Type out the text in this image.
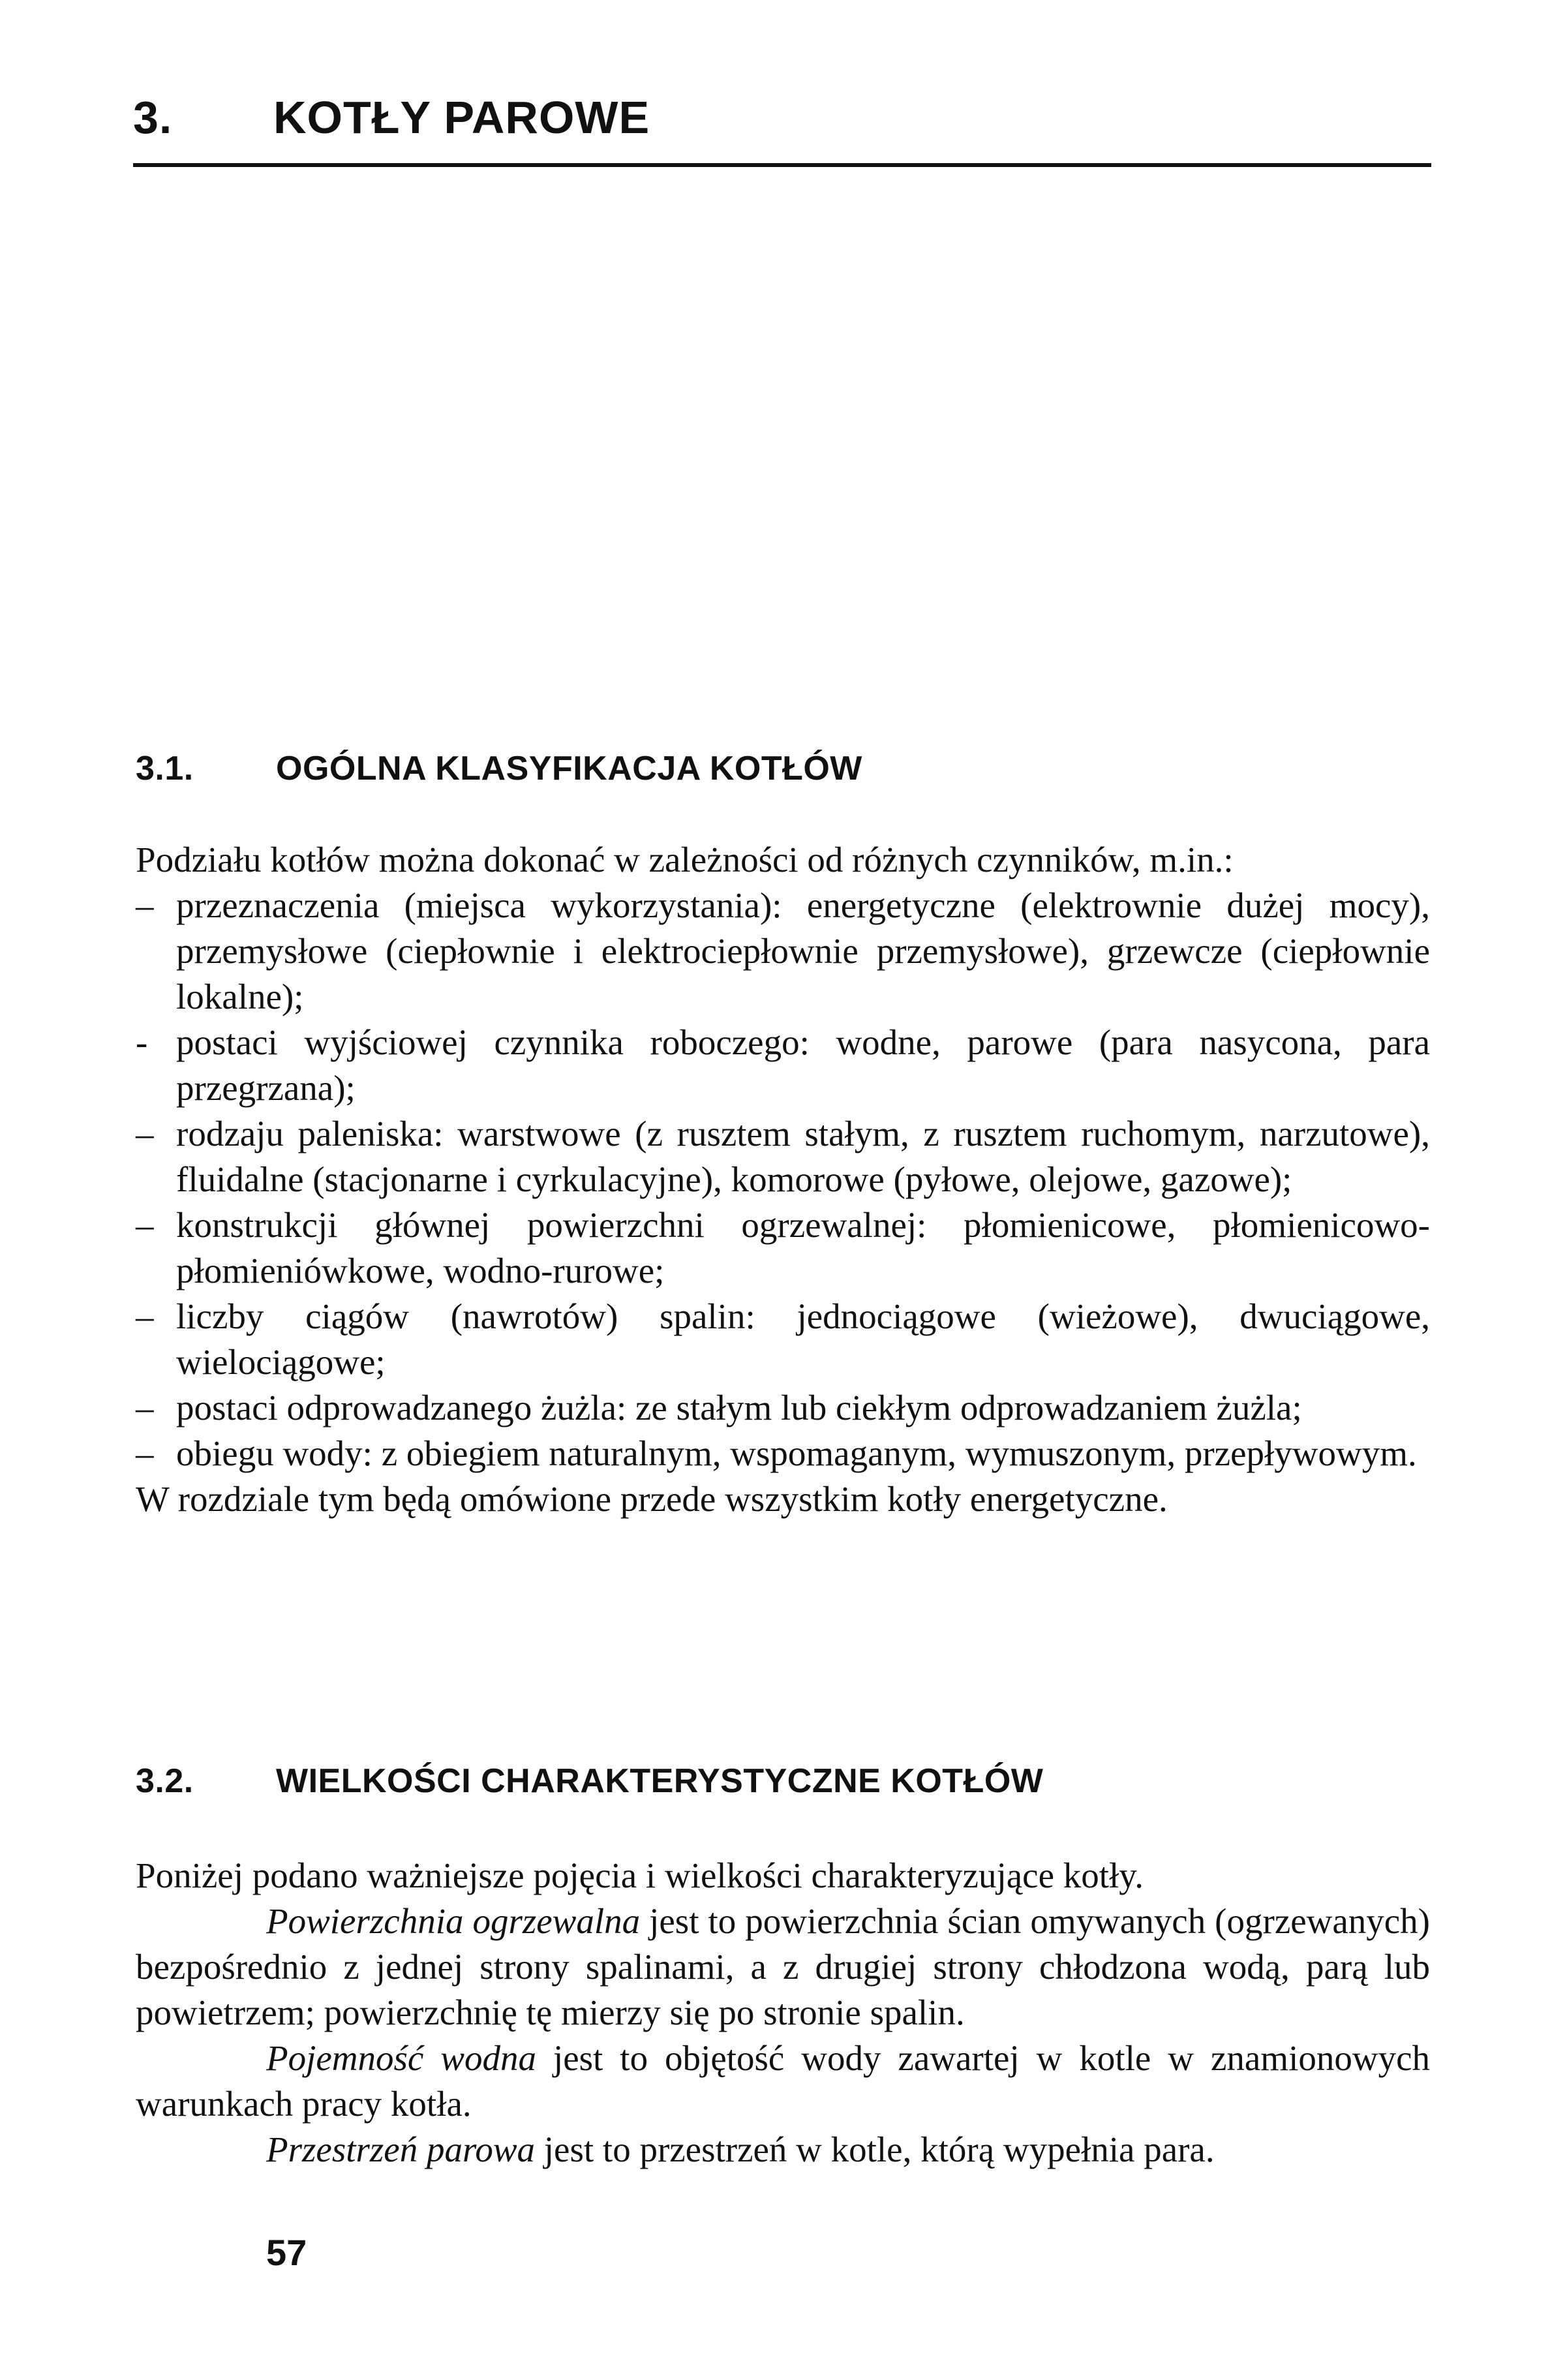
3. KOTŁY PAROWE
3.1. OGÓLNA KLASYFIKACJA KOTŁÓW

Podziału kotłów można dokonać w zależności od różnych czynników, m.in.:

– przeznaczenia (miejsca wykorzystania): energetyczne (elektrownie dużej mocy), przemysłowe (ciepłownie i elektrociepłownie przemysłowe), grzewcze (ciepłownie lokalne);
- postaci wyjściowej czynnika roboczego: wodne, parowe (para nasycona, para przegrzana);
– rodzaju paleniska: warstwowe (z rusztem stałym, z rusztem ruchomym, narzutowe), fluidalne (stacjonarne i cyrkulacyjne), komorowe (pyłowe, olejowe, gazowe);
– konstrukcji głównej powierzchni ogrzewalnej: płomienicowe, płomienicowo-płomieniówkowe, wodno-rurowe;
– liczby ciągów (nawrotów) spalin: jednociągowe (wieżowe), dwuciągowe, wielociągowe;
– postaci odprowadzanego żużla: ze stałym lub ciekłym odprowadzaniem żużla;
– obiegu wody: z obiegiem naturalnym, wspomaganym, wymuszonym, przepływowym.

W rozdziale tym będą omówione przede wszystkim kotły energetyczne.

3.2. WIELKOŚCI CHARAKTERYSTYCZNE KOTŁÓW

Poniżej podano ważniejsze pojęcia i wielkości charakteryzujące kotły.

Powierzchnia ogrzewalna jest to powierzchnia ścian omywanych (ogrzewanych) bezpośrednio z jednej strony spalinami, a z drugiej strony chłodzona wodą, parą lub powietrzem; powierzchnię tę mierzy się po stronie spalin.

Pojemność wodna jest to objętość wody zawartej w kotle w znamionowych warunkach pracy kotła.

Przestrzeń parowa jest to przestrzeń w kotle, którą wypełnia para.

57
